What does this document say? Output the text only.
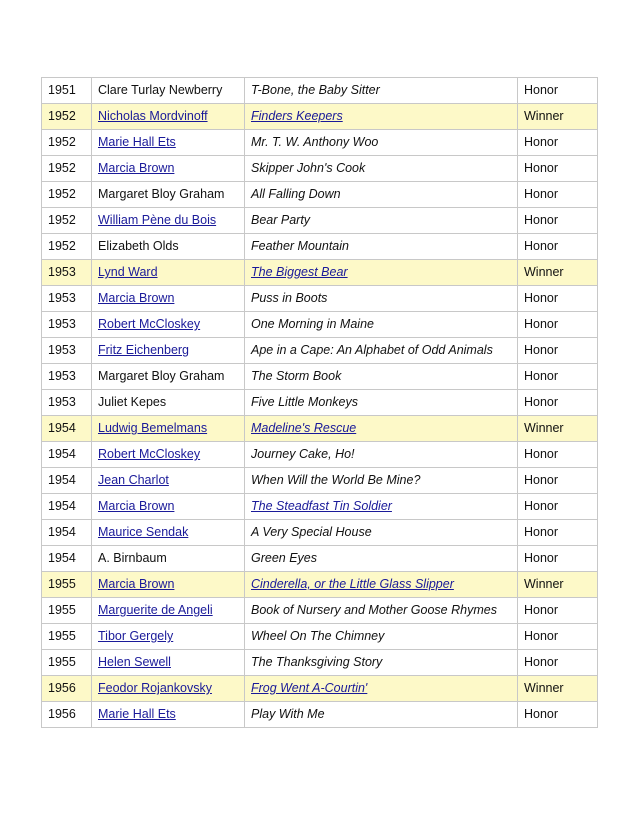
1951	Clare Turlay Newberry	T-Bone, the Baby Sitter	Honor
1952	Nicholas Mordvinoff	Finders Keepers	Winner
1952	Marie Hall Ets	Mr. T. W. Anthony Woo	Honor
1952	Marcia Brown	Skipper John's Cook	Honor
1952	Margaret Bloy Graham	All Falling Down	Honor
1952	William Pène du Bois	Bear Party	Honor
1952	Elizabeth Olds	Feather Mountain	Honor
1953	Lynd Ward	The Biggest Bear	Winner
1953	Marcia Brown	Puss in Boots	Honor
1953	Robert McCloskey	One Morning in Maine	Honor
1953	Fritz Eichenberg	Ape in a Cape: An Alphabet of Odd Animals	Honor
1953	Margaret Bloy Graham	The Storm Book	Honor
1953	Juliet Kepes	Five Little Monkeys	Honor
1954	Ludwig Bemelmans	Madeline's Rescue	Winner
1954	Robert McCloskey	Journey Cake, Ho!	Honor
1954	Jean Charlot	When Will the World Be Mine?	Honor
1954	Marcia Brown	The Steadfast Tin Soldier	Honor
1954	Maurice Sendak	A Very Special House	Honor
1954	A. Birnbaum	Green Eyes	Honor
1955	Marcia Brown	Cinderella, or the Little Glass Slipper	Winner
1955	Marguerite de Angeli	Book of Nursery and Mother Goose Rhymes	Honor
1955	Tibor Gergely	Wheel On The Chimney	Honor
1955	Helen Sewell	The Thanksgiving Story	Honor
1956	Feodor Rojankovsky	Frog Went A-Courtin'	Winner
1956	Marie Hall Ets	Play With Me	Honor
